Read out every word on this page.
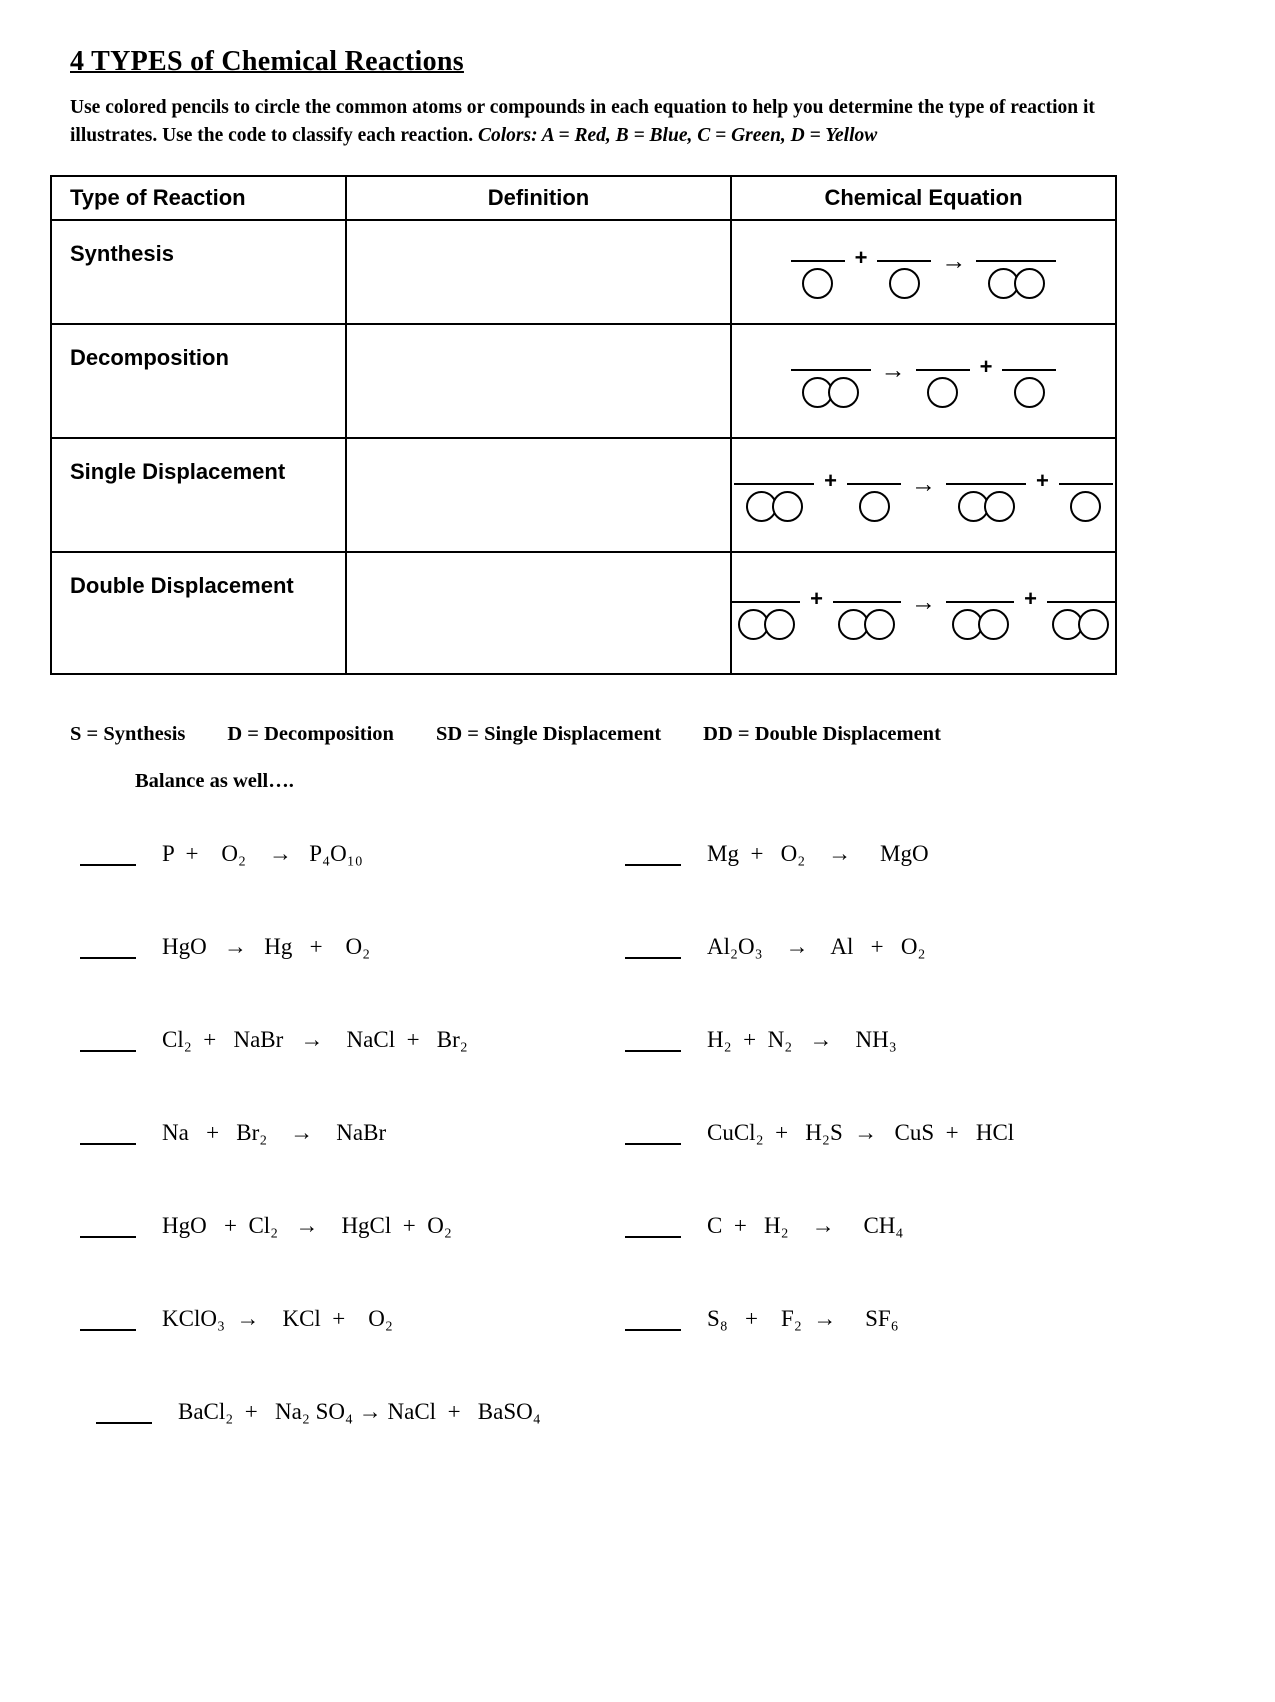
4 TYPES of Chemical Reactions
Use colored pencils to circle the common atoms or compounds in each equation to help you determine the type of reaction it illustrates. Use the code to classify each reaction. Colors: A = Red, B = Blue, C = Green, D = Yellow
Type of Reaction	Definition	Chemical Equation
Synthesis		+ →

Decomposition		→ +

Single Displacement		+ → +

Double Displacement		+ → +
S = Synthesis D = Decomposition SD = Single Displacement DD = Double Displacement
Balance as well….
P  +    O₂    →   P₄O₁₀
HgO   →   Hg   +    O₂
Cl₂  +   NaBr   →    NaCl  +   Br₂
Na   +   Br₂    →    NaBr
HgO   +  Cl₂   →    HgCl  +  O₂
KClO₃  →    KCl  +    O₂
BaCl₂  +   Na₂ SO₄ → NaCl  +   BaSO₄
Mg  +   O₂    →     MgO
Al₂O₃    →    Al   +   O₂
H₂  +  N₂   →    NH₃
CuCl₂  +   H₂S  →   CuS  +   HCl
C  +   H₂    →     CH₄
S₈   +    F₂  →     SF₆
